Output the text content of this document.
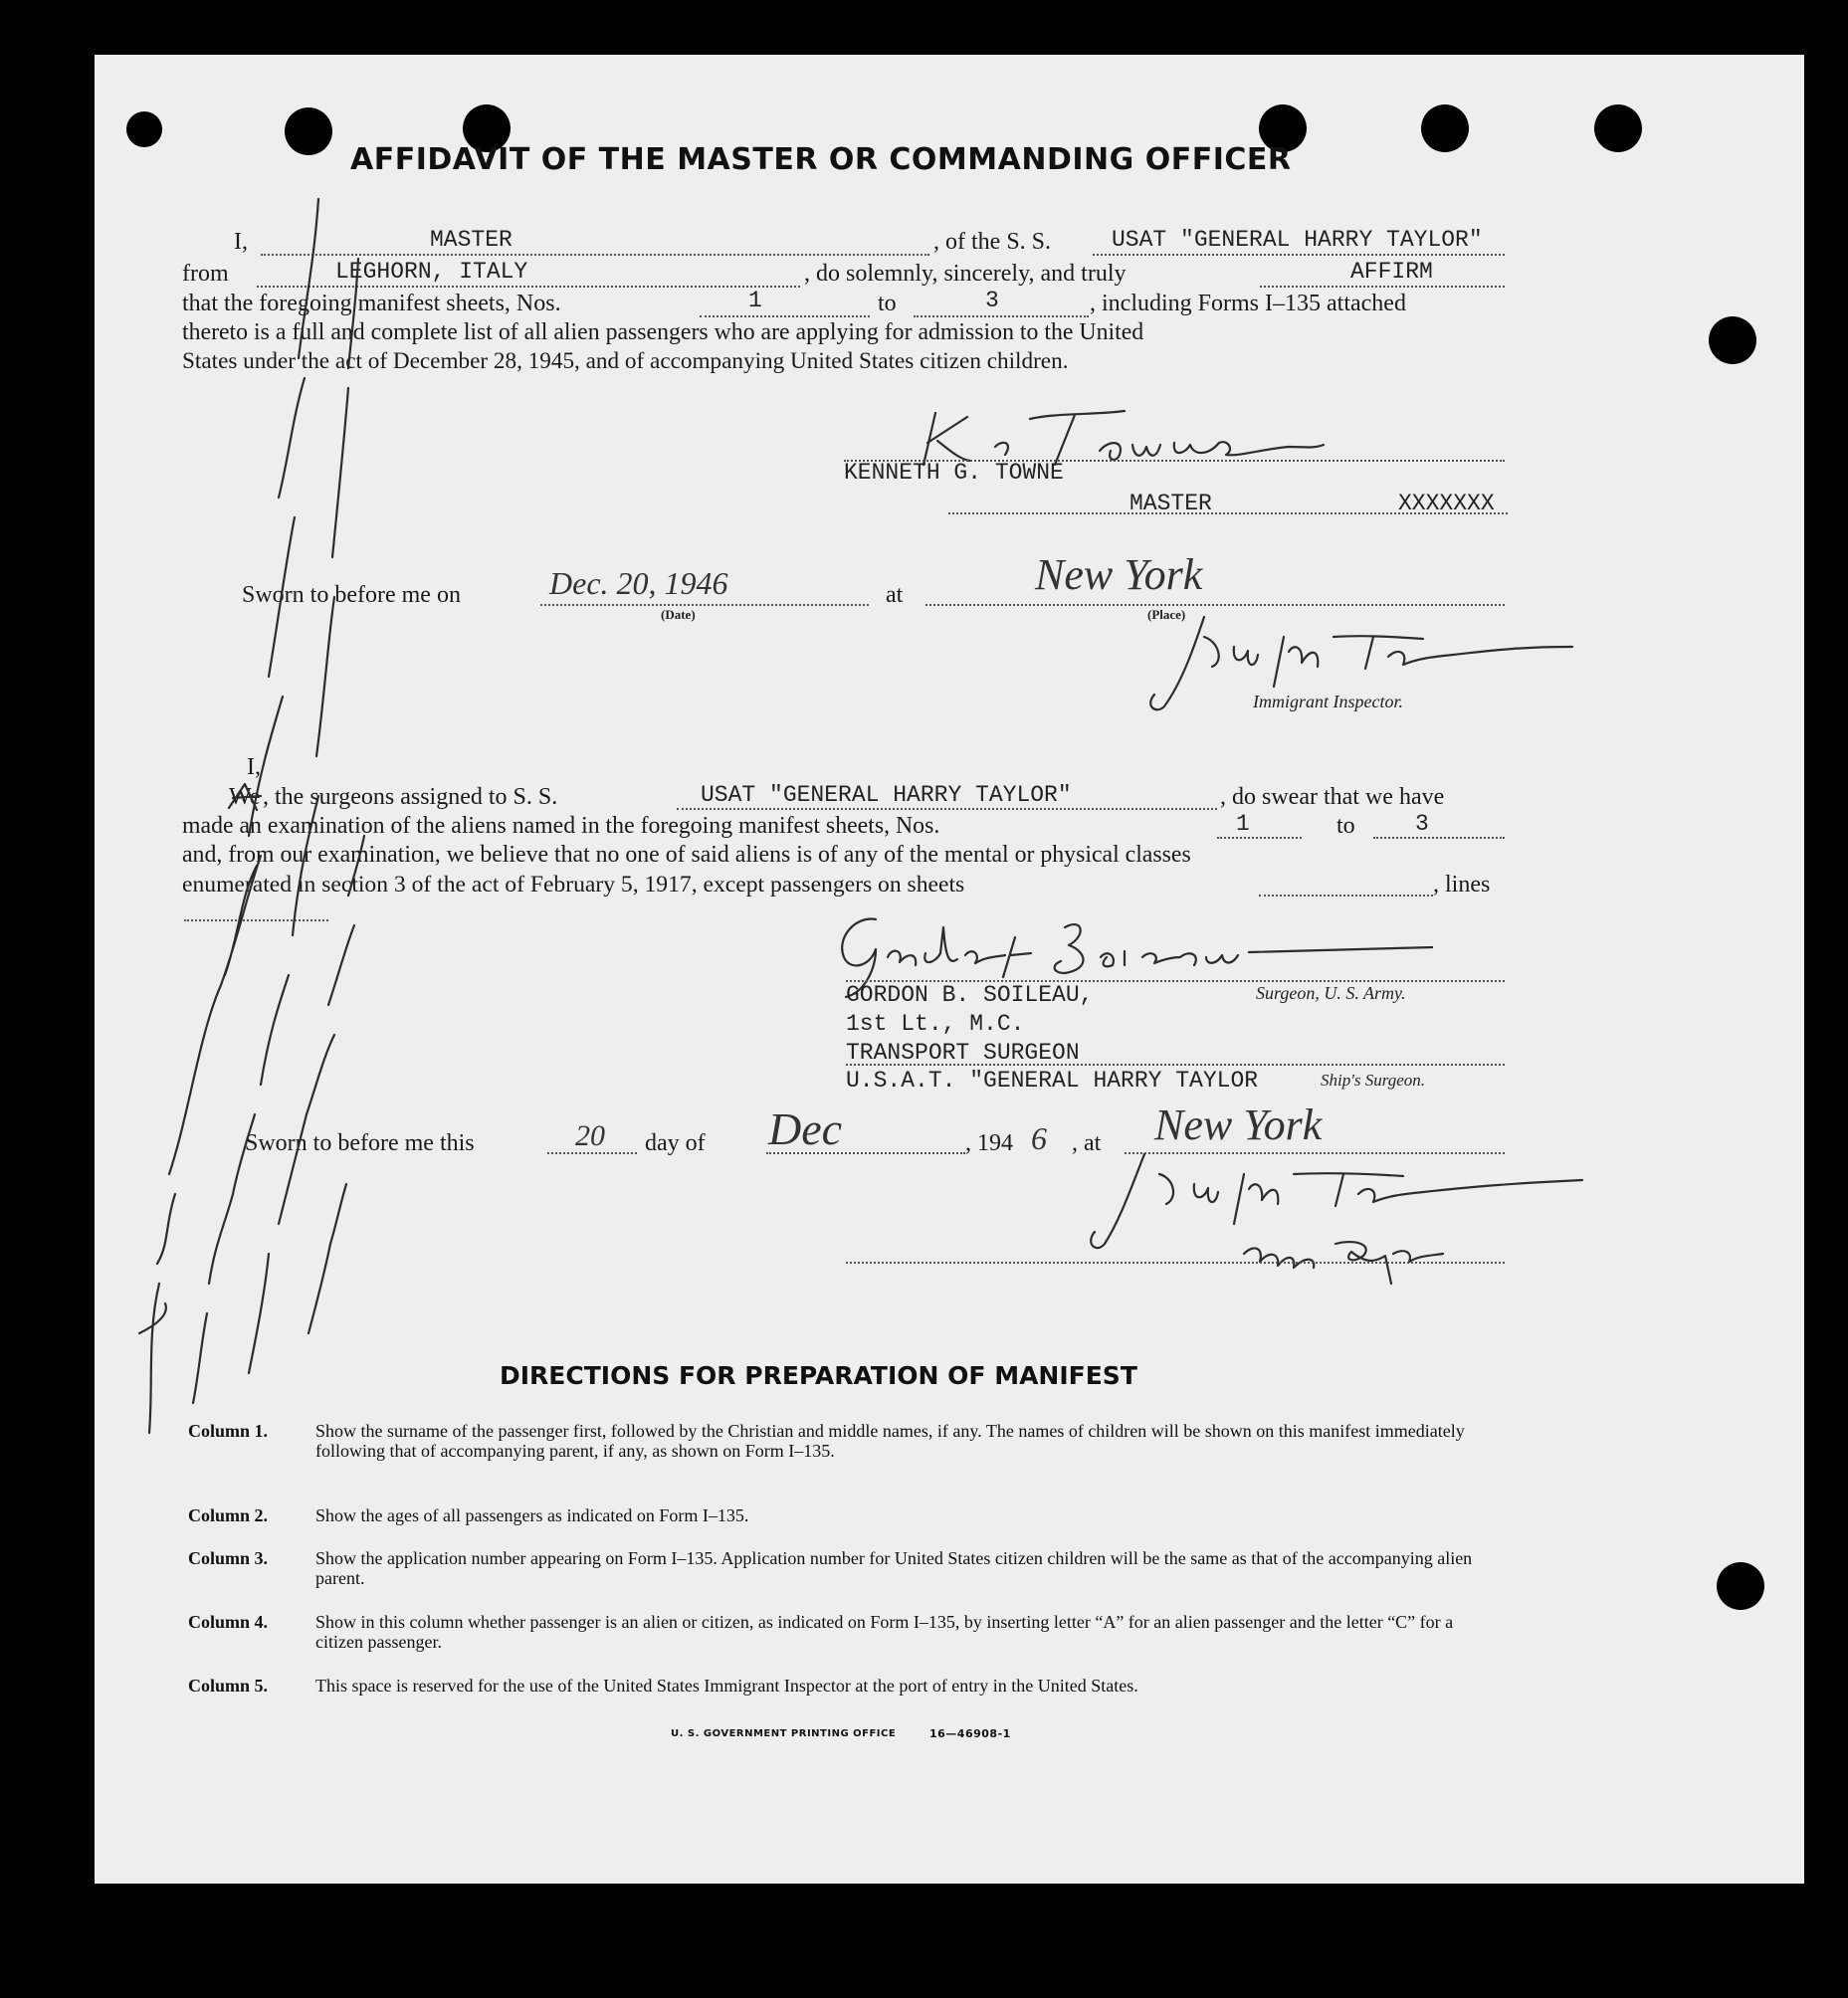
AFFIDAVIT OF THE MASTER OR COMMANDING OFFICER
I,	MASTER	, of the S. S.	USAT "GENERAL HARRY TAYLOR"
from	LEGHORN, ITALY	, do solemnly, sincerely, and truly	AFFIRM
that the foregoing manifest sheets, Nos.	1	to	3	, including Forms I–135 attached
thereto is a full and complete list of all alien passengers who are applying for admission to the United
States under the act of December 28, 1945, and of accompanying United States citizen children.
KENNETH G. TOWNE
MASTER	XXXXXXX
Sworn to before me on	Dec. 20, 1946
(Date)
at	New York
(Place)
Immigrant Inspector.
I,
We , the surgeons assigned to S. S.	USAT "GENERAL HARRY TAYLOR"	, do swear that we have
made an examination of the aliens named in the foregoing manifest sheets, Nos.	1	to	3
and, from our examination, we believe that no one of said aliens is of any of the mental or physical classes
enumerated in section 3 of the act of February 5, 1917, except passengers on sheets	, lines
GORDON B. SOILEAU,	Surgeon, U. S. Army.
1st Lt., M.C.
TRANSPORT SURGEON
U.S.A.T. "GENERAL HARRY TAYLOR	Ship's Surgeon.
Sworn to before me this	20 day of Dec	, 194 6 , at New York
DIRECTIONS FOR PREPARATION OF MANIFEST
Column 1.	Show the surname of the passenger first, followed by the Christian and middle names, if any. The names of children will be shown on this manifest immediately following that of accompanying parent, if any, as shown on Form I–135.
Column 2.	Show the ages of all passengers as indicated on Form I–135.
Column 3.	Show the application number appearing on Form I–135. Application number for United States citizen children will be the same as that of the accompanying alien parent.
Column 4.	Show in this column whether passenger is an alien or citizen, as indicated on Form I–135, by inserting letter “A” for an alien passenger and the letter “C” for a citizen passenger.
Column 5.	This space is reserved for the use of the United States Immigrant Inspector at the port of entry in the United States.
U. S. GOVERNMENT PRINTING OFFICE	16—46908-1
